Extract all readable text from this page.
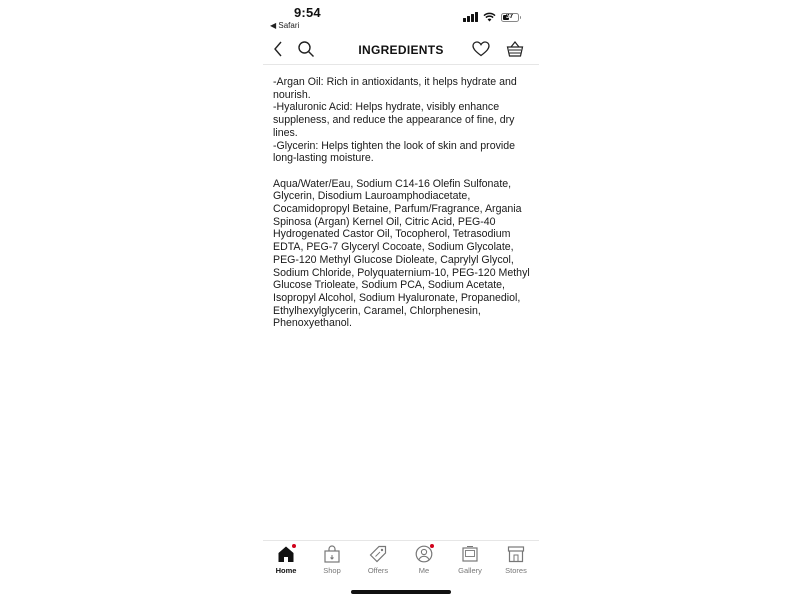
9:54
◀ Safari
37
INGREDIENTS

-Argan Oil: Rich in antioxidants, it helps hydrate and nourish.

-Hyaluronic Acid: Helps hydrate, visibly enhance suppleness, and reduce the appearance of fine, dry lines.

-Glycerin: Helps tighten the look of skin and provide long-lasting moisture.

Aqua/Water/Eau, Sodium C14-16 Olefin Sulfonate, Glycerin, Disodium Lauroamphodiacetate, Cocamidopropyl Betaine, Parfum/Fragrance, Argania Spinosa (Argan) Kernel Oil, Citric Acid, PEG-40 Hydrogenated Castor Oil, Tocopherol, Tetrasodium EDTA, PEG-7 Glyceryl Cocoate, Sodium Glycolate, PEG-120 Methyl Glucose Dioleate, Caprylyl Glycol, Sodium Chloride, Polyquaternium-10, PEG-120 Methyl Glucose Trioleate, Sodium PCA, Sodium Acetate, Isopropyl Alcohol, Sodium Hyaluronate, Propanediol, Ethylhexylglycerin, Caramel, Chlorphenesin, Phenoxyethanol.

Home	Shop	Offers	Me	Gallery	Stores
